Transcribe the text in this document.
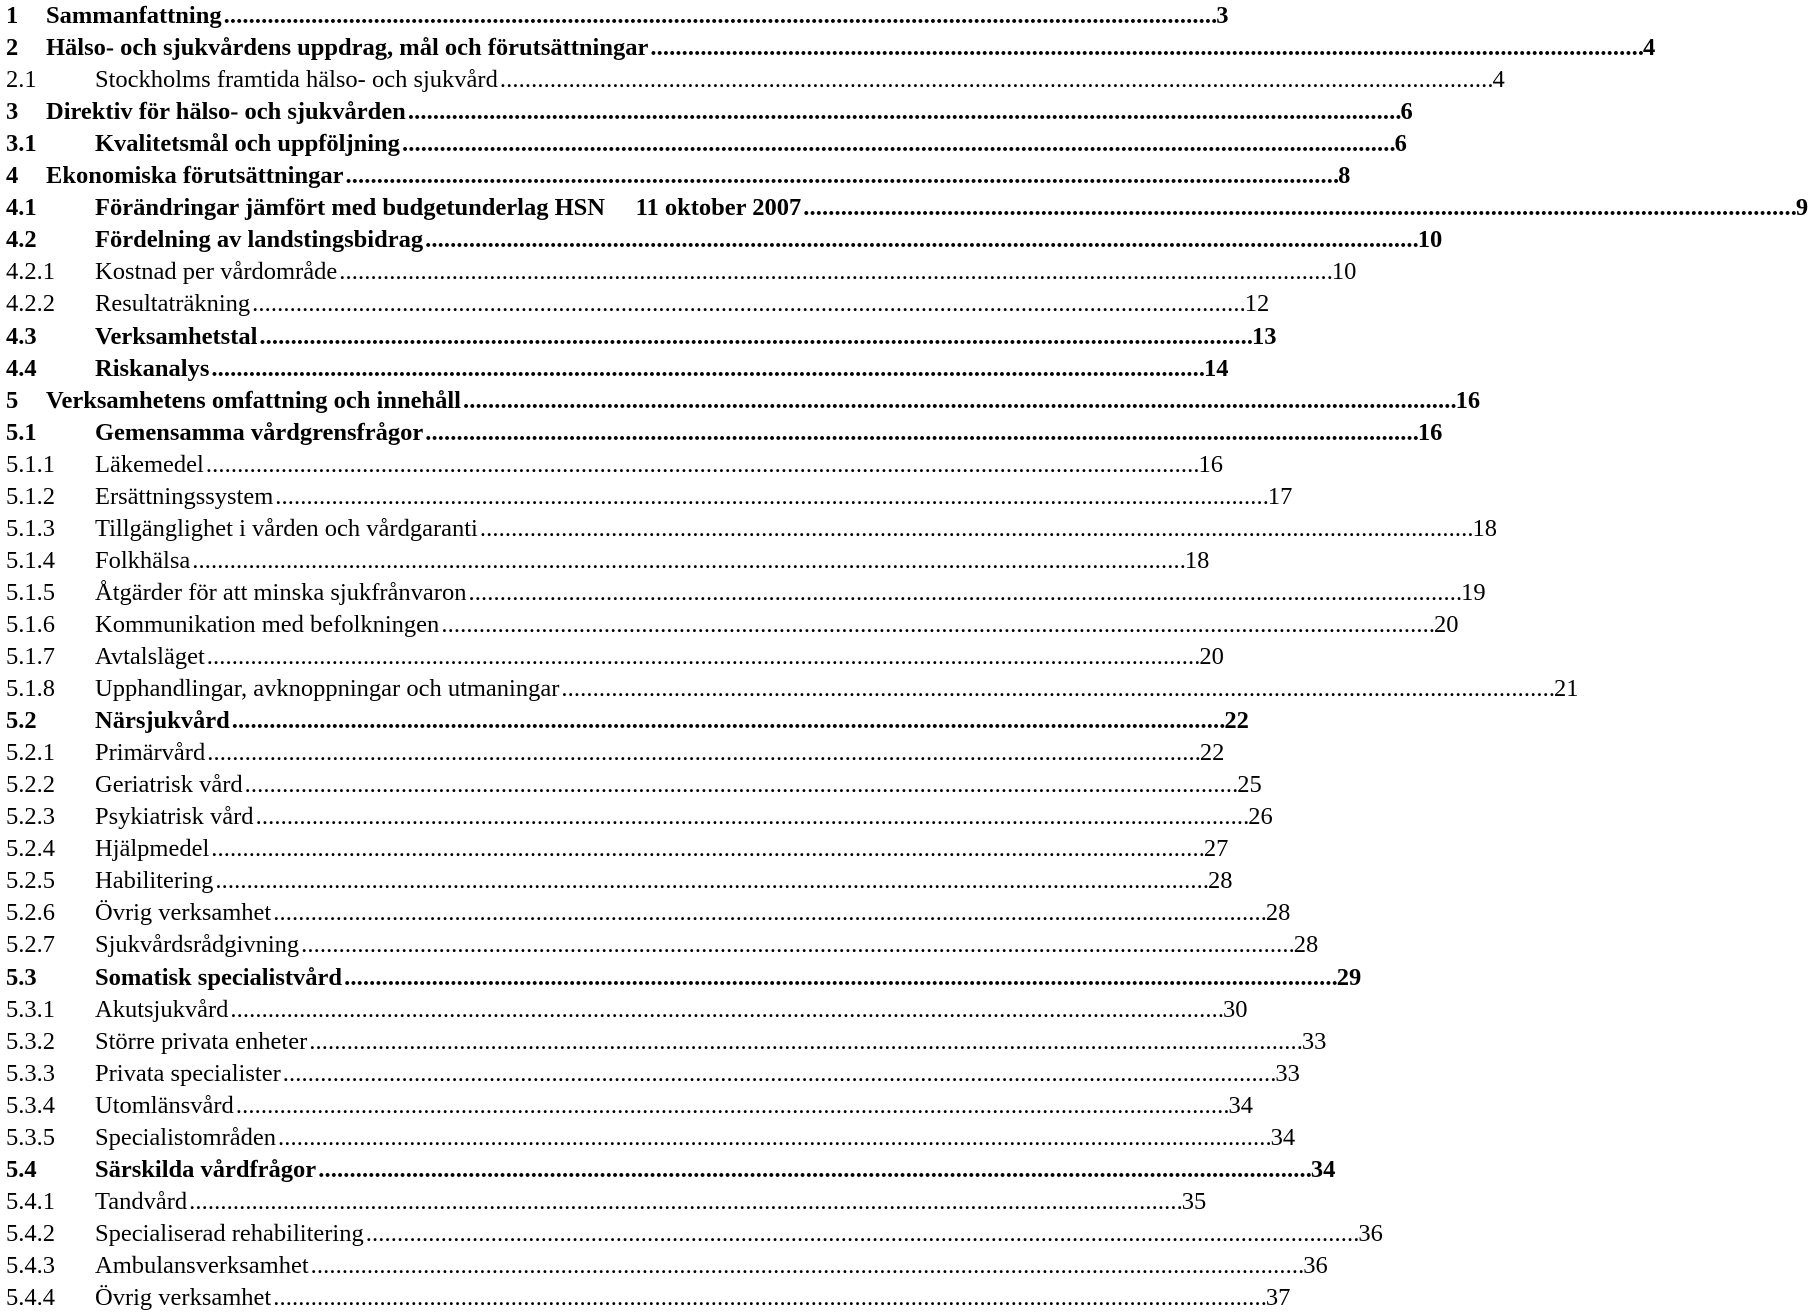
1	Sammanfattning . . .	3
2	Hälso- och sjukvårdens uppdrag, mål och förutsättningar . . .	4
2.1	Stockholms framtida hälso- och sjukvård . . .	4
3	Direktiv för hälso- och sjukvården . . .	6
3.1	Kvalitetsmål och uppföljning . . .	6
4	Ekonomiska förutsättningar . . .	8
4.1	Förändringar jämfört med budgetunderlag HSN     11 oktober 2007 . . .	9
4.2	Fördelning av landstingsbidrag . . .	10
4.2.1	Kostnad per vårdområde . . .	10
4.2.2	Resultaträkning . . .	12
4.3	Verksamhetstal . . .	13
4.4	Riskanalys . . .	14
5	Verksamhetens omfattning och innehåll . . .	16
5.1	Gemensamma vårdgrensfrågor . . .	16
5.1.1	Läkemedel . . .	16
5.1.2	Ersättningssystem . . .	17
5.1.3	Tillgänglighet i vården och vårdgaranti . . .	18
5.1.4	Folkhälsa . . .	18
5.1.5	Åtgärder för att minska sjukfrånvaron . . .	19
5.1.6	Kommunikation med befolkningen . . .	20
5.1.7	Avtalsläget . . .	20
5.1.8	Upphandlingar, avknoppningar och utmaningar . . .	21
5.2	Närsjukvård . . .	22
5.2.1	Primärvård . . .	22
5.2.2	Geriatrisk vård . . .	25
5.2.3	Psykiatrisk vård . . .	26
5.2.4	Hjälpmedel . . .	27
5.2.5	Habilitering . . .	28
5.2.6	Övrig verksamhet . . .	28
5.2.7	Sjukvårdsrådgivning . . .	28
5.3	Somatisk specialistvård . . .	29
5.3.1	Akutsjukvård . . .	30
5.3.2	Större privata enheter . . .	33
5.3.3	Privata specialister . . .	33
5.3.4	Utomlänsvård . . .	34
5.3.5	Specialistområden . . .	34
5.4	Särskilda vårdfrågor . . .	34
5.4.1	Tandvård . . .	35
5.4.2	Specialiserad rehabilitering . . .	36
5.4.3	Ambulansverksamhet . . .	36
5.4.4	Övrig verksamhet . . .	37
